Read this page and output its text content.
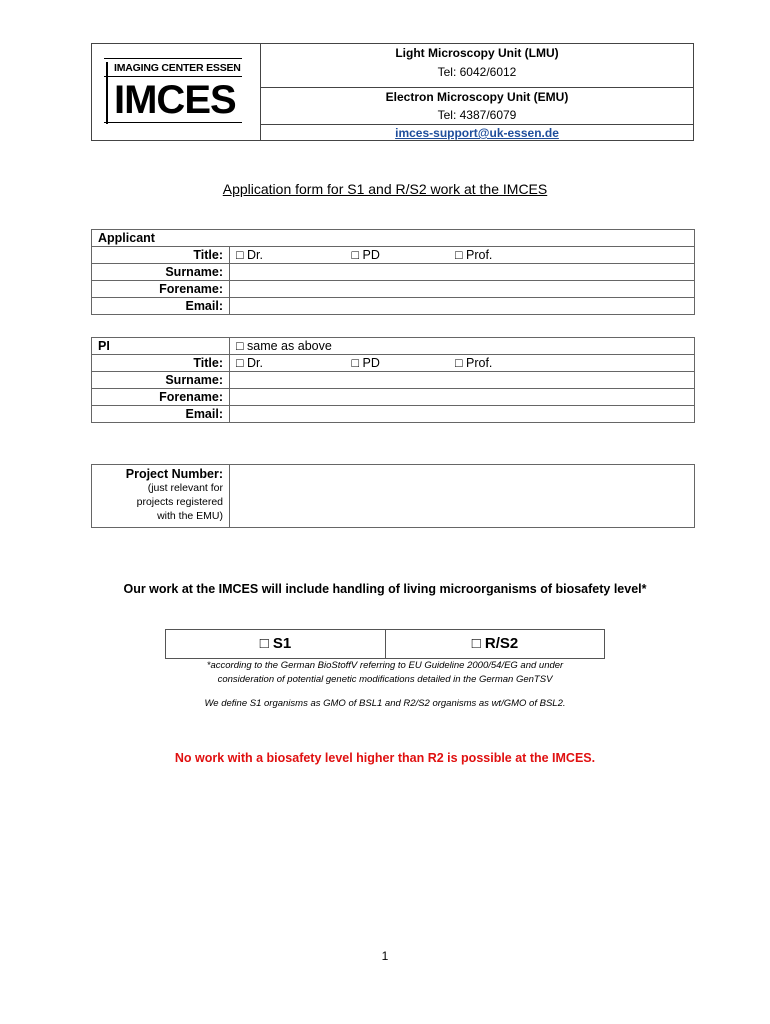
IMAGING CENTER ESSEN
IMCES
Light Microscopy Unit (LMU)
Tel: 6042/6012
Electron Microscopy Unit (EMU)
Tel: 4387/6079
imces-support@uk-essen.de
Application form for S1 and R/S2 work at the IMCES
Applicant	
Title:	□ Dr. □ PD □ Prof.
Surname:	
Forename:	
Email:	
PI	□ same as above
Title:	□ Dr. □ PD □ Prof.
Surname:	
Forename:	
Email:	
Project Number:
(just relevant for
projects registered
with the EMU)
Our work at the IMCES will include handling of living microorganisms of biosafety level*
□ S1	□ R/S2
*according to the German BioStoffV referring to EU Guideline 2000/54/EG and under
consideration of potential genetic modifications detailed in the German GenTSV
We define S1 organisms as GMO of BSL1 and R2/S2 organisms as wt/GMO of BSL2.
No work with a biosafety level higher than R2 is possible at the IMCES.
1
